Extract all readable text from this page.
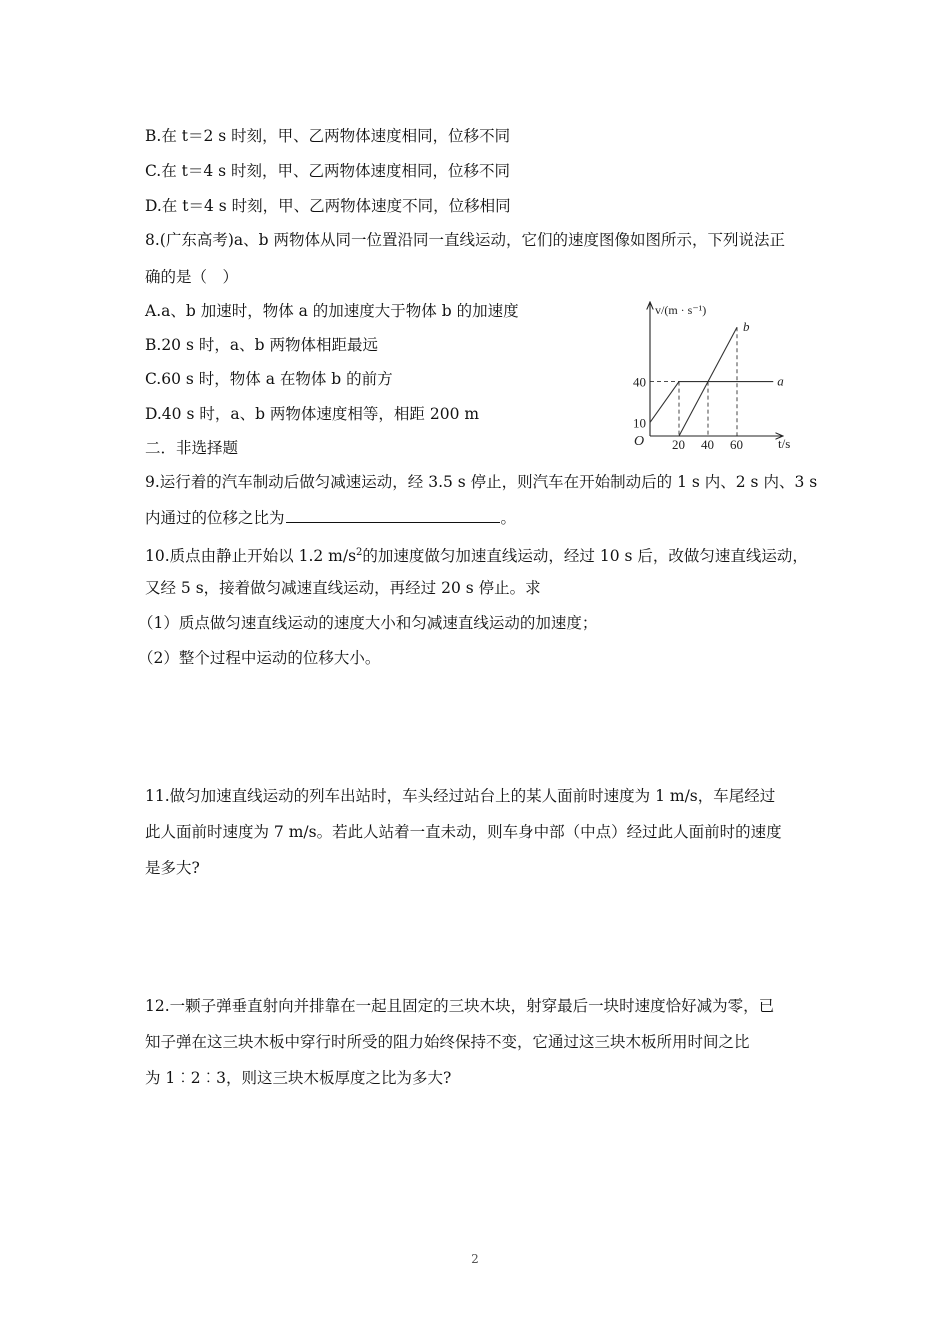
B.在 t＝2 s 时刻，甲、乙两物体速度相同，位移不同
C.在 t＝4 s 时刻，甲、乙两物体速度相同，位移不同
D.在 t＝4 s 时刻，甲、乙两物体速度不同，位移相同
8.(广东高考)a、b 两物体从同一位置沿同一直线运动，它们的速度图像如图所示，下列说法正
确的是（　）
A.a、b 加速时，物体 a 的加速度大于物体 b 的加速度
B.20 s 时，a、b 两物体相距最远
C.60 s 时，物体 a 在物体 b 的前方
D.40 s 时，a、b 两物体速度相等，相距 200 m
a
b
20 40 60
10
40
v/(m · s⁻¹)
t/s
O
二．非选择题
9.运行着的汽车制动后做匀减速运动，经 3.5 s 停止，则汽车在开始制动后的 1 s 内、2 s 内、3 s
内通过的位移之比为	。
10.质点由静止开始以 1.2 $m/s^2$的加速度做匀加速直线运动，经过 10 s 后，改做匀速直线运动，
又经 5 s，接着做匀减速直线运动，再经过 20 s 停止。求
（1）质点做匀速直线运动的速度大小和匀减速直线运动的加速度；
（2）整个过程中运动的位移大小。
11.做匀加速直线运动的列车出站时，车头经过站台上的某人面前时速度为 1 m/s，车尾经过
此人面前时速度为 7 m/s。若此人站着一直未动，则车身中部（中点）经过此人面前时的速度
是多大?
12.一颗子弹垂直射向并排靠在一起且固定的三块木块，射穿最后一块时速度恰好减为零，已
知子弹在这三块木板中穿行时所受的阻力始终保持不变，它通过这三块木板所用时间之比
为 1︰2︰3，则这三块木板厚度之比为多大?
2
